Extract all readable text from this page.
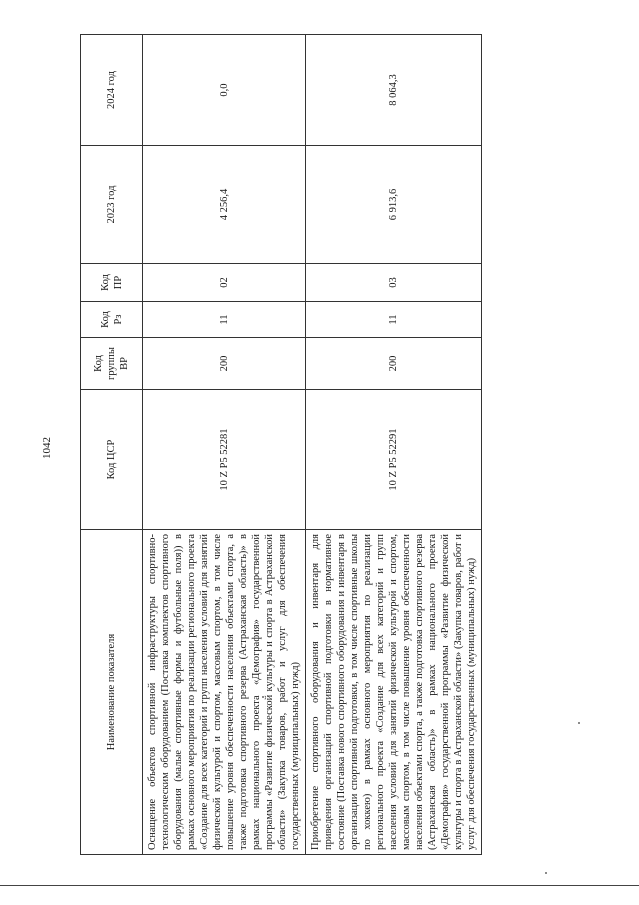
1042
Наименование показателя	Код ЦСР	Код группы ВР	Код Рз	Код ПР	2023 год	2024 год
Оснащение объектов спортивной инфраструктуры спортивно-технологическим оборудованием (Поставка комплектов спортивного оборудования (малые спортивные формы и футбольные поля)) в рамках основного мероприятия по реализации регионального проекта «Создание для всех категорий и групп населения условий для занятий физической культурой и спортом, массовым спортом, в том числе повышение уровня обеспеченности населения объектами спорта, а также подготовка спортивного резерва (Астраханская область)» в рамках национального проекта «Демография» государственной программы «Развитие физической культуры и спорта в Астраханской области» (Закупка товаров, работ и услуг для обеспечения государственных (муниципальных) нужд)	10 Z P5 52281	200	11	02	4 256,4	0,0
Приобретение спортивного оборудования и инвентаря для приведения организаций спортивной подготовки в нормативное состояние (Поставка нового спортивного оборудования и инвентаря в организации спортивной подготовки, в том числе спортивные школы по хоккею) в рамках основного мероприятия по реализации регионального проекта «Создание для всех категорий и групп населения условий для занятий физической культурой и спортом, массовым спортом, в том числе повышение уровня обеспеченности населения объектами спорта, а также подготовка спортивного резерва (Астраханская область)» в рамках национального проекта «Демография» государственной программы «Развитие физической культуры и спорта в Астраханской области» (Закупка товаров, работ и услуг для обеспечения государственных (муниципальных) нужд)	10 Z P5 52291	200	11	03	6 913,6	8 064,3
